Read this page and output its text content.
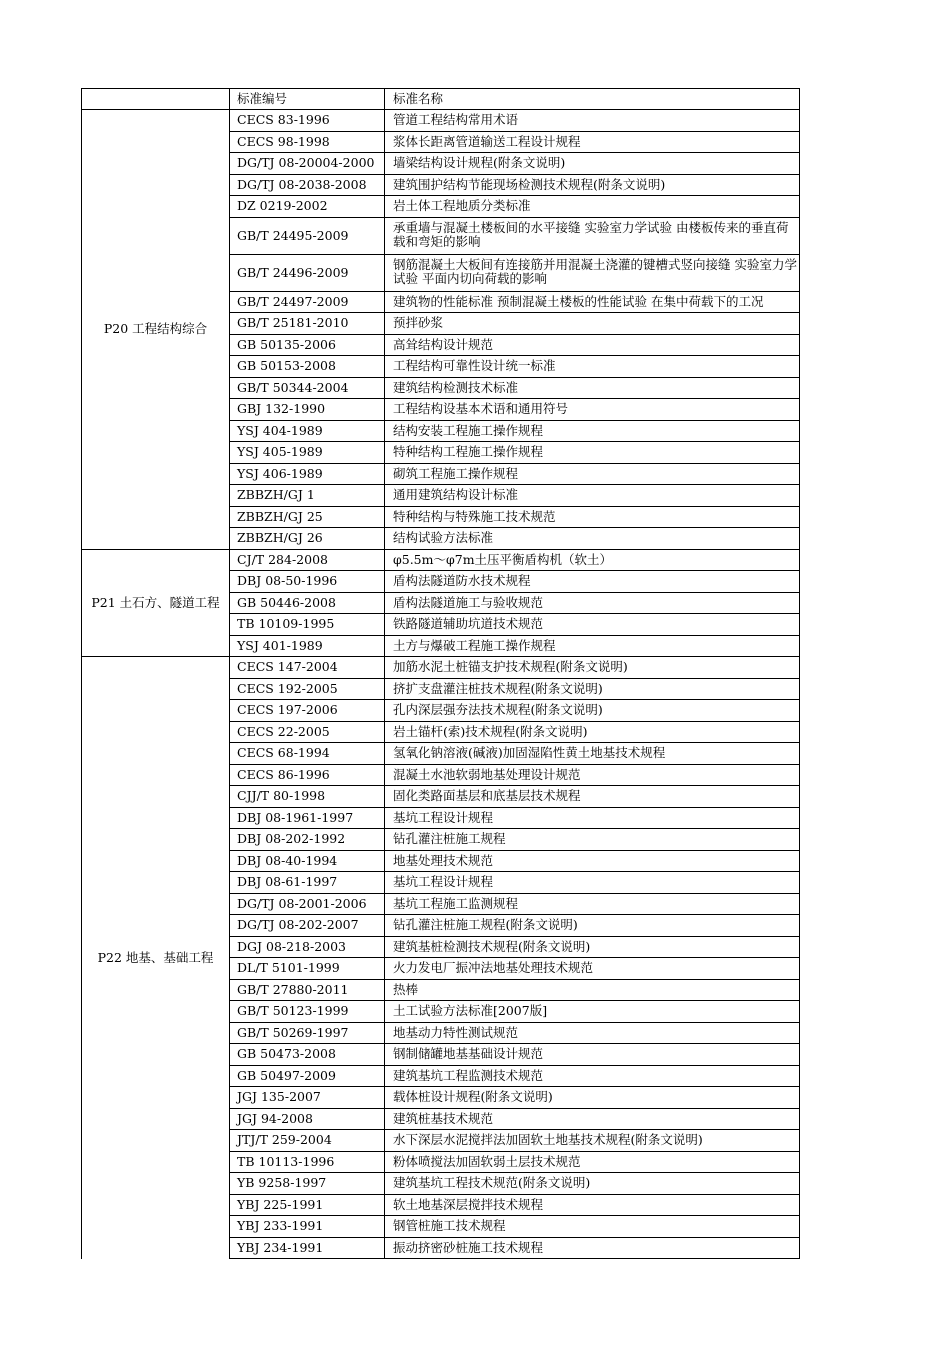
	标准编号	标准名称
P20 工程结构综合	CECS 83-1996	管道工程结构常用术语
	CECS 98-1998	浆体长距离管道输送工程设计规程
	DG/TJ 08-20004-2000	墙梁结构设计规程(附条文说明)
	DG/TJ 08-2038-2008	建筑围护结构节能现场检测技术规程(附条文说明)
	DZ 0219-2002	岩土体工程地质分类标准
	GB/T 24495-2009	承重墙与混凝土楼板间的水平接缝 实验室力学试验 由楼板传来的垂直荷载和弯矩的影响
	GB/T 24496-2009	钢筋混凝土大板间有连接筋并用混凝土浇灌的键槽式竖向接缝 实验室力学试验 平面内切向荷载的影响
	GB/T 24497-2009	建筑物的性能标准 预制混凝土楼板的性能试验 在集中荷载下的工况
	GB/T 25181-2010	预拌砂浆
	GB 50135-2006	高耸结构设计规范
	GB 50153-2008	工程结构可靠性设计统一标准
	GB/T 50344-2004	建筑结构检测技术标准
	GBJ 132-1990	工程结构设基本术语和通用符号
	YSJ 404-1989	结构安装工程施工操作规程
	YSJ 405-1989	特种结构工程施工操作规程
	YSJ 406-1989	砌筑工程施工操作规程
	ZBBZH/GJ 1	通用建筑结构设计标准
	ZBBZH/GJ 25	特种结构与特殊施工技术规范
	ZBBZH/GJ 26	结构试验方法标准
P21 土石方、隧道工程	CJ/T 284-2008	φ5.5m～φ7m土压平衡盾构机（软土）
	DBJ 08-50-1996	盾构法隧道防水技术规程
	GB 50446-2008	盾构法隧道施工与验收规范
	TB 10109-1995	铁路隧道辅助坑道技术规范
	YSJ 401-1989	土方与爆破工程施工操作规程
P22 地基、基础工程	CECS 147-2004	加筋水泥土桩锚支护技术规程(附条文说明)
	CECS 192-2005	挤扩支盘灌注桩技术规程(附条文说明)
	CECS 197-2006	孔内深层强夯法技术规程(附条文说明)
	CECS 22-2005	岩土锚杆(索)技术规程(附条文说明)
	CECS 68-1994	氢氧化钠溶液(碱液)加固湿陷性黄土地基技术规程
	CECS 86-1996	混凝土水池软弱地基处理设计规范
	CJJ/T 80-1998	固化类路面基层和底基层技术规程
	DBJ 08-1961-1997	基坑工程设计规程
	DBJ 08-202-1992	钻孔灌注桩施工规程
	DBJ 08-40-1994	地基处理技术规范
	DBJ 08-61-1997	基坑工程设计规程
	DG/TJ 08-2001-2006	基坑工程施工监测规程
	DG/TJ 08-202-2007	钻孔灌注桩施工规程(附条文说明)
	DGJ 08-218-2003	建筑基桩检测技术规程(附条文说明)
	DL/T 5101-1999	火力发电厂振冲法地基处理技术规范
	GB/T 27880-2011	热棒
	GB/T 50123-1999	土工试验方法标准[2007版]
	GB/T 50269-1997	地基动力特性测试规范
	GB 50473-2008	钢制储罐地基基础设计规范
	GB 50497-2009	建筑基坑工程监测技术规范
	JGJ 135-2007	载体桩设计规程(附条文说明)
	JGJ 94-2008	建筑桩基技术规范
	JTJ/T 259-2004	水下深层水泥搅拌法加固软土地基技术规程(附条文说明)
	TB 10113-1996	粉体喷搅法加固软弱土层技术规范
	YB 9258-1997	建筑基坑工程技术规范(附条文说明)
	YBJ 225-1991	软土地基深层搅拌技术规程
	YBJ 233-1991	钢管桩施工技术规程
	YBJ 234-1991	振动挤密砂桩施工技术规程
